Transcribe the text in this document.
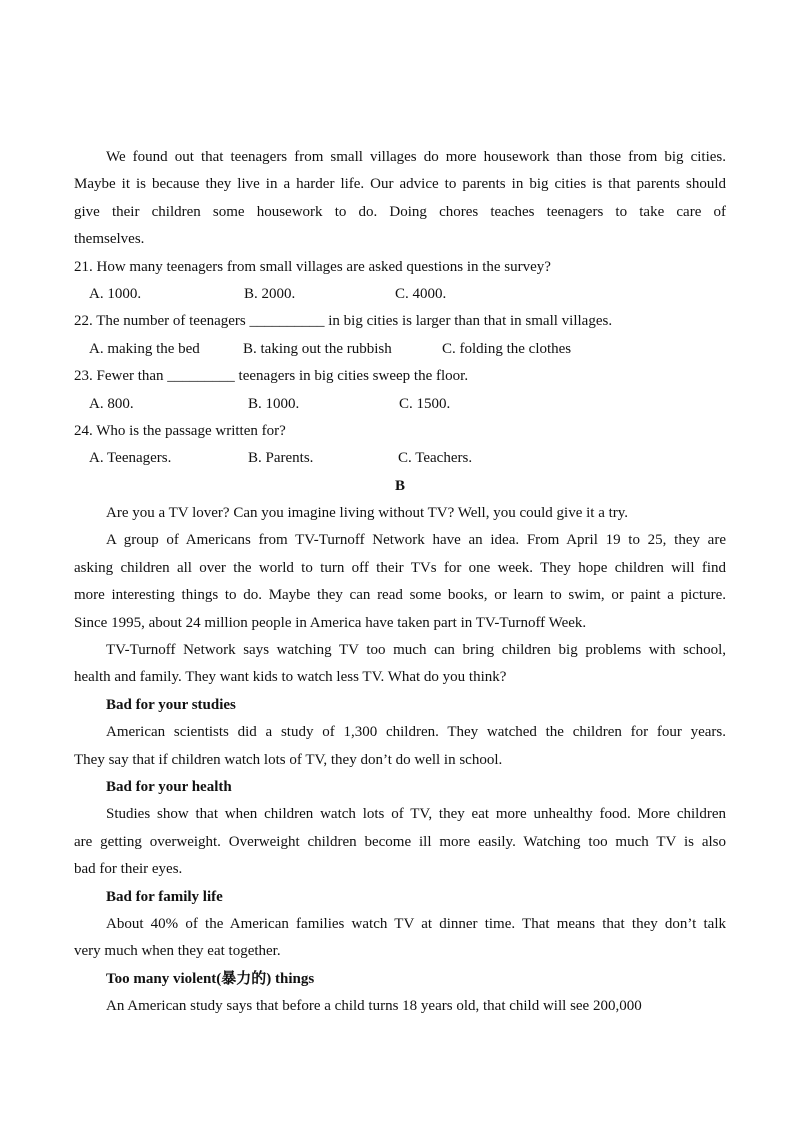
We found out that teenagers from small villages do more housework than those from big cities.
Maybe it is because they live in a harder life. Our advice to parents in big cities is that parents should
give their children some housework to do. Doing chores teaches teenagers to take care of
themselves.
21. How many teenagers from small villages are asked questions in the survey?
A. 1000.	B. 2000.	C. 4000.
22. The number of teenagers __________ in big cities is larger than that in small villages.
A. making the bed	B. taking out the rubbish	C. folding the clothes
23. Fewer than _________ teenagers in big cities sweep the floor.
A. 800.	B. 1000.	C. 1500.
24. Who is the passage written for?
A. Teenagers.	B. Parents.	C. Teachers.
B
Are you a TV lover? Can you imagine living without TV? Well, you could give it a try.
A group of Americans from TV-Turnoff Network have an idea. From April 19 to 25, they are
asking children all over the world to turn off their TVs for one week. They hope children will find
more interesting things to do. Maybe they can read some books, or learn to swim, or paint a picture.
Since 1995, about 24 million people in America have taken part in TV-Turnoff Week.
TV-Turnoff Network says watching TV too much can bring children big problems with school,
health and family. They want kids to watch less TV. What do you think?
Bad for your studies
American scientists did a study of 1,300 children. They watched the children for four years.
They say that if children watch lots of TV, they don’t do well in school.
Bad for your health
Studies show that when children watch lots of TV, they eat more unhealthy food. More children
are getting overweight. Overweight children become ill more easily. Watching too much TV is also
bad for their eyes.
Bad for family life
About 40% of the American families watch TV at dinner time. That means that they don’t talk
very much when they eat together.
Too many violent(暴力的) things
An American study says that before a child turns 18 years old, that child will see 200,000
